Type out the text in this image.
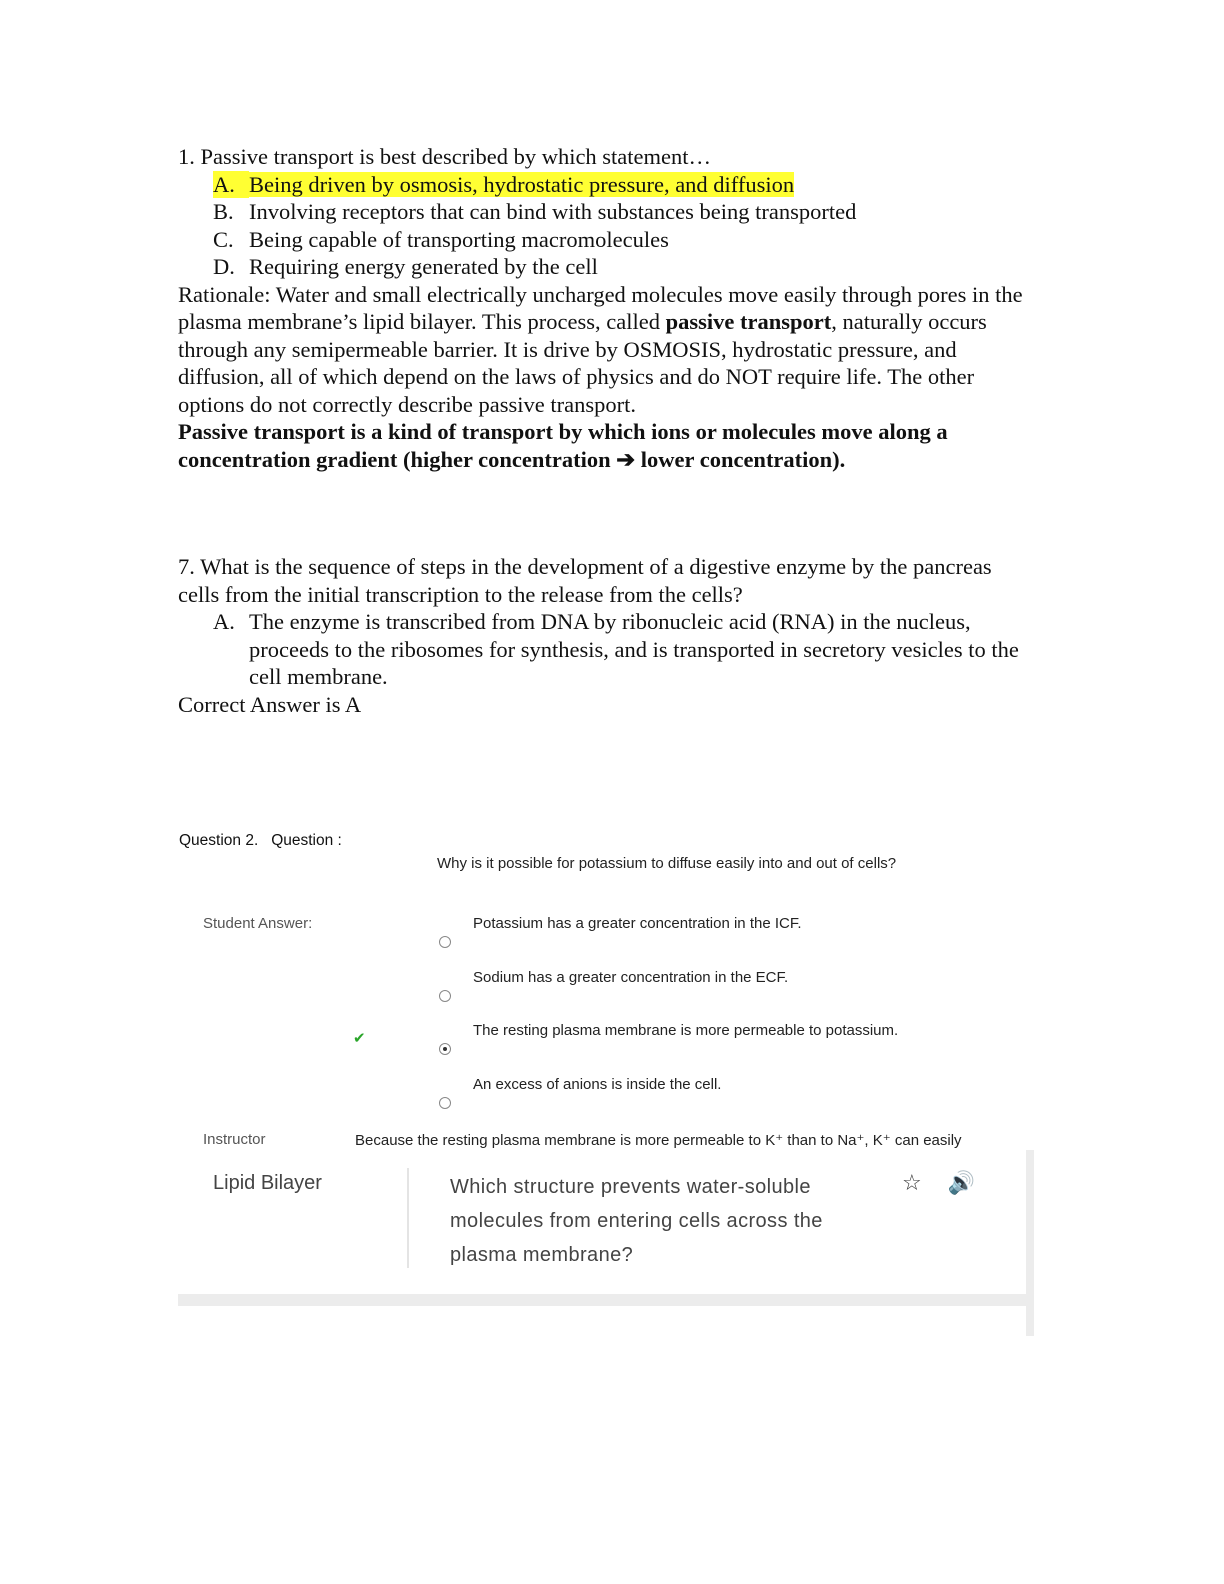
1. Passive transport is best described by which statement…

A. Being driven by osmosis, hydrostatic pressure, and diffusion
B. Involving receptors that can bind with substances being transported
C. Being capable of transporting macromolecules
D. Requiring energy generated by the cell

Rationale: Water and small electrically uncharged molecules move easily through pores in the plasma membrane’s lipid bilayer. This process, called passive transport, naturally occurs through any semipermeable barrier. It is drive by OSMOSIS, hydrostatic pressure, and diffusion, all of which depend on the laws of physics and do NOT require life. The other options do not correctly describe passive transport.

Passive transport is a kind of transport by which ions or molecules move along a concentration gradient (higher concentration ➔ lower concentration).

7. What is the sequence of steps in the development of a digestive enzyme by the pancreas cells from the initial transcription to the release from the cells?

A. The enzyme is transcribed from DNA by ribonucleic acid (RNA) in the nucleus, proceeds to the ribosomes for synthesis, and is transported in secretory vesicles to the cell membrane.

Correct Answer is A

Question 2.   Question :
Why is it possible for potassium to diffuse easily into and out of cells?
Student Answer:	Potassium has a greater concentration in the ICF.
Sodium has a greater concentration in the ECF.
✔	The resting plasma membrane is more permeable to potassium.
An excess of anions is inside the cell.
Instructor	Because the resting plasma membrane is more permeable to K⁺ than to Na⁺, K⁺ can easily
Lipid Bilayer	Which structure prevents water-soluble molecules from entering cells across the plasma membrane?
☆ 🔊
